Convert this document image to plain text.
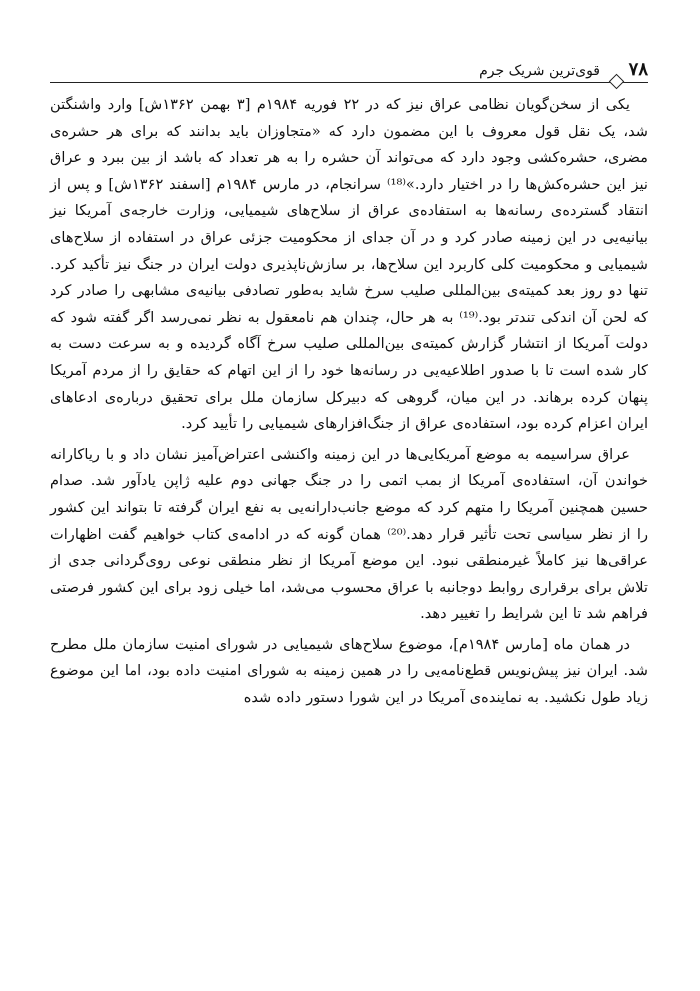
۷۸
قوی‌ترین شریک جرم

یکی از سخن‌گویان نظامی عراق نیز که در ۲۲ فوریه ۱۹۸۴م [۳ بهمن ۱۳۶۲ش] وارد واشنگتن شد، یک نقل قول معروف با این مضمون دارد که «متجاوزان باید بدانند که برای هر حشره‌ی مضری، حشره‌کشی وجود دارد که می‌تواند آن حشره را به هر تعداد که باشد از بین ببرد و عراق نیز این حشره‌کش‌ها را در اختیار دارد.»⁽¹⁸⁾ سرانجام، در مارس ۱۹۸۴م [اسفند ۱۳۶۲ش] و پس از انتقاد گسترده‌ی رسانه‌ها به استفاده‌ی عراق از سلاح‌های شیمیایی، وزارت خارجه‌ی آمریکا نیز بیانیه‌یی در این زمینه صادر کرد و در آن جدای از محکومیت جزئی عراق در استفاده از سلاح‌های شیمیایی و محکومیت کلی کاربرد این سلاح‌ها، بر سازش‌ناپذیری دولت ایران در جنگ نیز تأکید کرد. تنها دو روز بعد کمیته‌ی بین‌المللی صلیب سرخ شاید به‌طور تصادفی بیانیه‌ی مشابهی را صادر کرد که لحن آن اندکی تندتر بود.⁽¹⁹⁾ به هر حال، چندان هم نامعقول به نظر نمی‌رسد اگر گفته شود که دولت آمریکا از انتشار گزارش کمیته‌ی بین‌المللی صلیب سرخ آگاه گردیده و به سرعت دست به کار شده است تا با صدور اطلاعیه‌یی در رسانه‌ها خود را از این اتهام که حقایق را از مردم آمریکا پنهان کرده برهاند. در این میان، گروهی که دبیرکل سازمان ملل برای تحقیق درباره‌ی ادعاهای ایران اعزام کرده بود، استفاده‌ی عراق از جنگ‌افزارهای شیمیایی را تأیید کرد.

عراق سراسیمه به موضع آمریکایی‌ها در این زمینه واکنشی اعتراض‌آمیز نشان داد و با ریاکارانه خواندن آن، استفاده‌ی آمریکا از بمب اتمی را در جنگ جهانی دوم علیه ژاپن یادآور شد. صدام حسین همچنین آمریکا را متهم کرد که موضع جانب‌دارانه‌یی به نفع ایران گرفته تا بتواند این کشور را از نظر سیاسی تحت تأثیر قرار دهد.⁽²⁰⁾ همان گونه که در ادامه‌ی کتاب خواهیم گفت اظهارات عراقی‌ها نیز کاملاً غیرمنطقی نبود. این موضع آمریکا از نظر منطقی نوعی روی‌گردانی جدی از تلاش برای برقراری روابط دوجانبه با عراق محسوب می‌شد، اما خیلی زود برای این کشور فرصتی فراهم شد تا این شرایط را تغییر دهد.

در همان ماه [مارس ۱۹۸۴م]، موضوع سلاح‌های شیمیایی در شورای امنیت سازمان ملل مطرح شد. ایران نیز پیش‌نویس قطع‌نامه‌یی را در همین زمینه به شورای امنیت داده بود، اما این موضوع زیاد طول نکشید. به نماینده‌ی آمریکا در این شورا دستور داده شده
